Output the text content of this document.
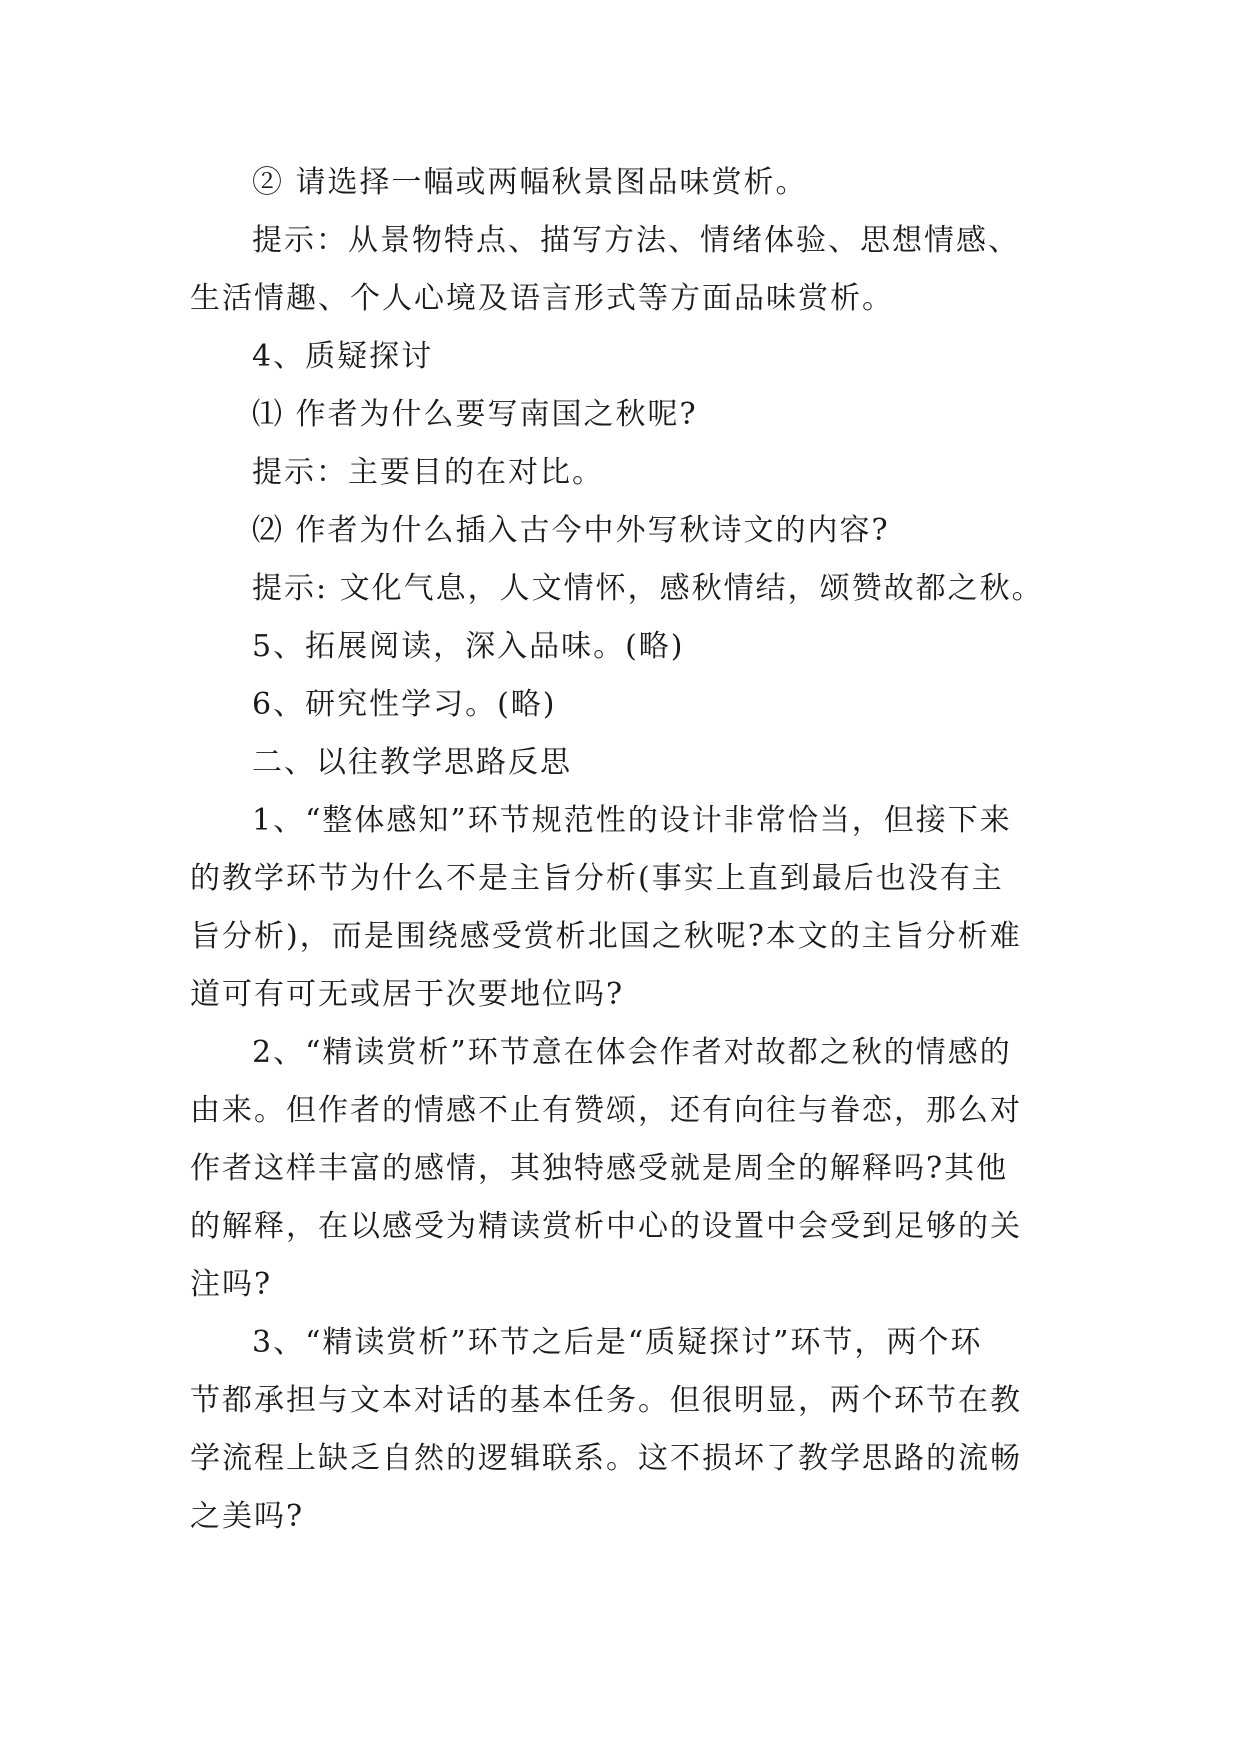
② 请选择一幅或两幅秋景图品味赏析。
提示：从景物特点、描写方法、情绪体验、思想情感、
生活情趣、个人心境及语言形式等方面品味赏析。
4、质疑探讨
⑴ 作者为什么要写南国之秋呢?
提示：主要目的在对比。
⑵ 作者为什么插入古今中外写秋诗文的内容?
提示: 文化气息，人文情怀，感秋情结，颂赞故都之秋。
5、拓展阅读，深入品味。(略)
6、研究性学习。(略)
二、以往教学思路反思
1、“整体感知”环节规范性的设计非常恰当，但接下来
的教学环节为什么不是主旨分析(事实上直到最后也没有主
旨分析)，而是围绕感受赏析北国之秋呢?本文的主旨分析难
道可有可无或居于次要地位吗?
2、“精读赏析”环节意在体会作者对故都之秋的情感的
由来。但作者的情感不止有赞颂，还有向往与眷恋，那么对
作者这样丰富的感情，其独特感受就是周全的解释吗?其他
的解释，在以感受为精读赏析中心的设置中会受到足够的关
注吗?
3、“精读赏析”环节之后是“质疑探讨”环节，两个环
节都承担与文本对话的基本任务。但很明显，两个环节在教
学流程上缺乏自然的逻辑联系。这不损坏了教学思路的流畅
之美吗?
